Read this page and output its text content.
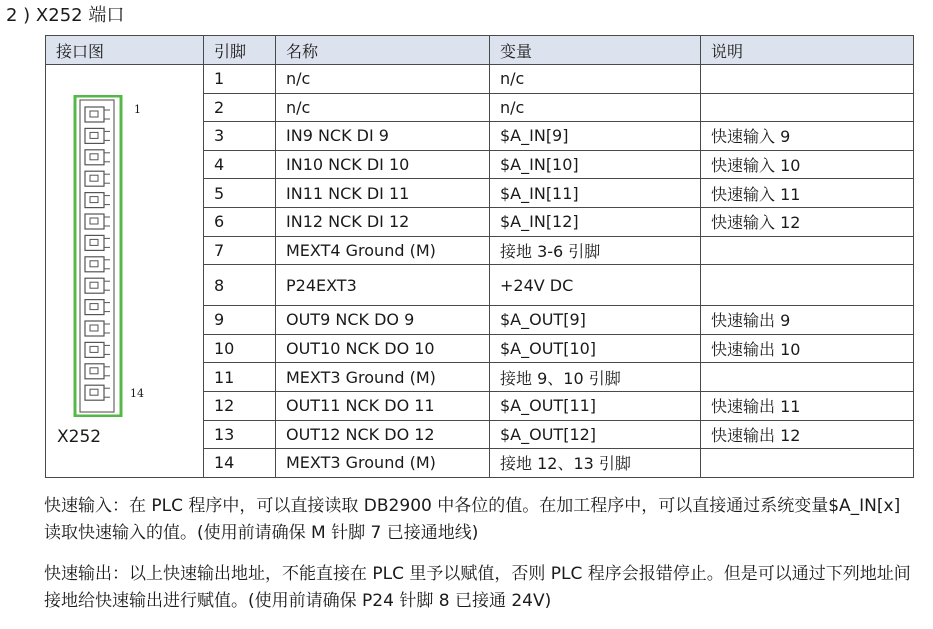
2 ) X252 端口
接口图	引脚	名称	变量	说明

1
14
X252	1	n/c	n/c	
	2	n/c	n/c	
	3	IN9 NCK DI 9	$A_IN[9]	快速输入 9
	4	IN10 NCK DI 10	$A_IN[10]	快速输入 10
	5	IN11 NCK DI 11	$A_IN[11]	快速输入 11
	6	IN12 NCK DI 12	$A_IN[12]	快速输入 12
	7	MEXT4 Ground (M)	接地 3-6 引脚	
	8	P24EXT3	+24V DC	
	9	OUT9 NCK DO 9	$A_OUT[9]	快速输出 9
	10	OUT10 NCK DO 10	$A_OUT[10]	快速输出 10
	11	MEXT3 Ground (M)	接地 9、10 引脚	
	12	OUT11 NCK DO 11	$A_OUT[11]	快速输出 11
	13	OUT12 NCK DO 12	$A_OUT[12]	快速输出 12
	14	MEXT3 Ground (M)	接地 12、13 引脚	

快速输入：在 PLC 程序中，可以直接读取 DB2900 中各位的值。在加工程序中，可以直接通过系统变量$A_IN[x]读取快速输入的值。(使用前请确保 M 针脚 7 已接通地线)

快速输出：以上快速输出地址，不能直接在 PLC 里予以赋值，否则 PLC 程序会报错停止。但是可以通过下列地址间接地给快速输出进行赋值。(使用前请确保 P24 针脚 8 已接通 24V)
